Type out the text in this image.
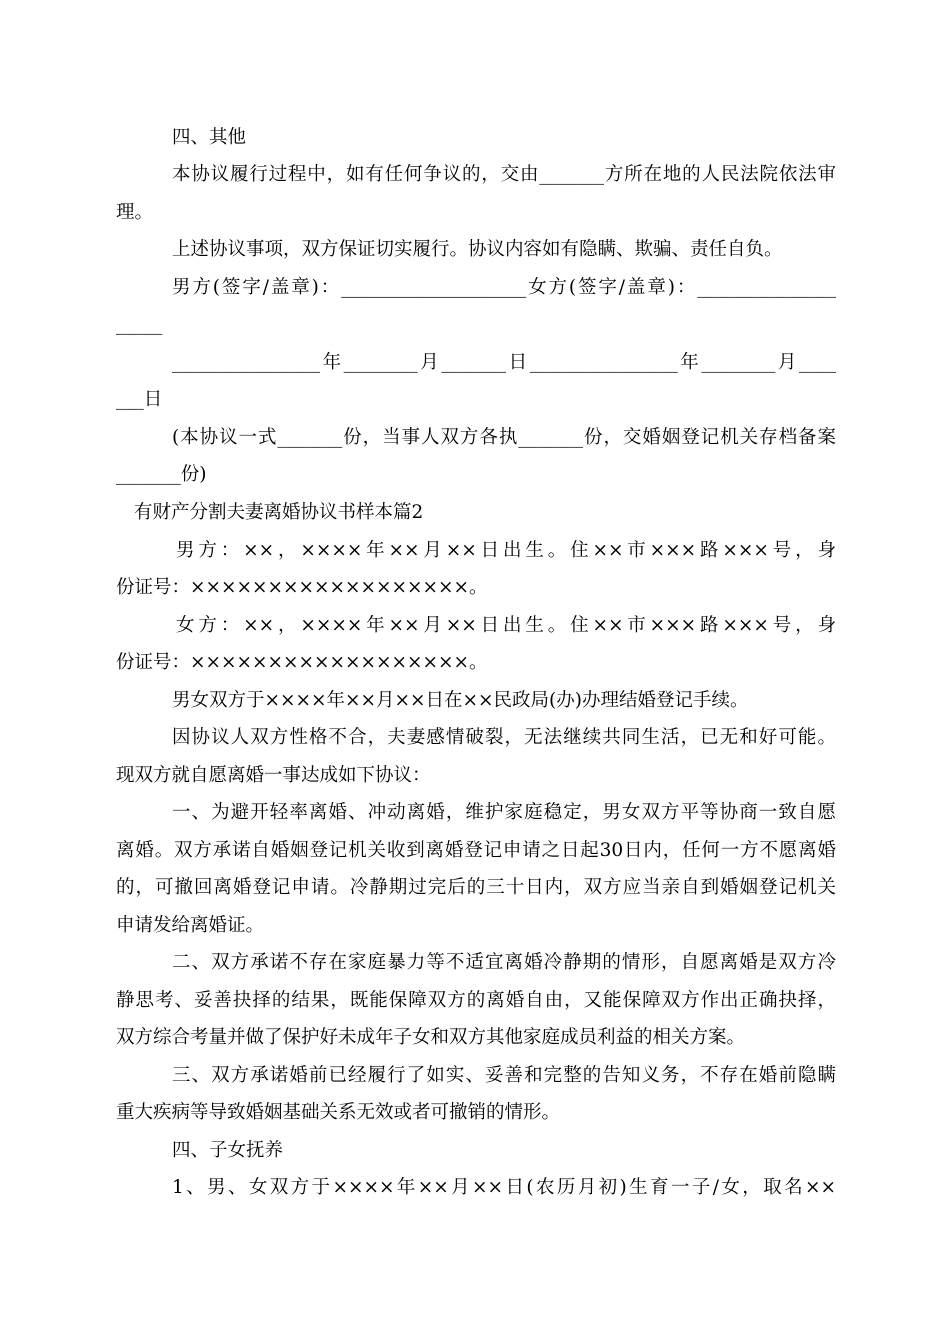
四、其他
本协议履行过程中，如有任何争议的，交由_______方所在地的人民法院依法审
理。
上述协议事项，双方保证切实履行。协议内容如有隐瞒、欺骗、责任自负。
男方(签字/盖章)：____________________女方(签字/盖章)：_______________
_____
________________年________月_______日________________年________月____
___日
(本协议一式_______份，当事人双方各执_______份，交婚姻登记机关存档备案
_______份)
有财产分割夫妻离婚协议书样本篇2
男方：××，××××年××月××日出生。住××市×××路×××号，身
份证号：××××××××××××××××××。
女方：××，××××年××月××日出生。住××市×××路×××号，身
份证号：××××××××××××××××××。
男女双方于××××年××月××日在××民政局(办)办理结婚登记手续。
因协议人双方性格不合，夫妻感情破裂，无法继续共同生活，已无和好可能。
现双方就自愿离婚一事达成如下协议：
一、为避开轻率离婚、冲动离婚，维护家庭稳定，男女双方平等协商一致自愿
离婚。双方承诺自婚姻登记机关收到离婚登记申请之日起30日内，任何一方不愿离婚
的，可撤回离婚登记申请。冷静期过完后的三十日内，双方应当亲自到婚姻登记机关
申请发给离婚证。
二、双方承诺不存在家庭暴力等不适宜离婚冷静期的情形，自愿离婚是双方冷
静思考、妥善抉择的结果，既能保障双方的离婚自由，又能保障双方作出正确抉择，
双方综合考量并做了保护好未成年子女和双方其他家庭成员利益的相关方案。
三、双方承诺婚前已经履行了如实、妥善和完整的告知义务，不存在婚前隐瞒
重大疾病等导致婚姻基础关系无效或者可撤销的情形。
四、子女抚养
1、男、女双方于××××年××月××日(农历月初)生育一子/女，取名××
